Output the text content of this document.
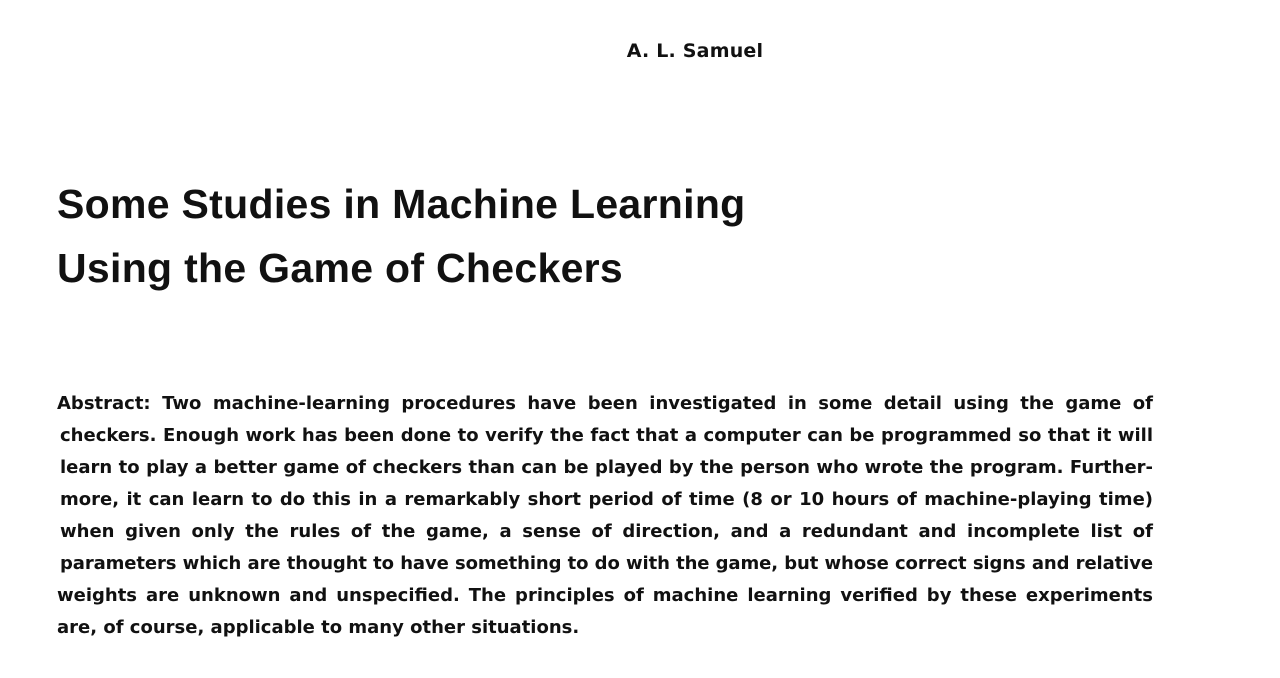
A. L. Samuel
Some Studies in Machine Learning
Using the Game of Checkers
Abstract: Two machine-learning procedures have been investigated in some detail using the game of
checkers. Enough work has been done to verify the fact that a computer can be programmed so that it will
learn to play a better game of checkers than can be played by the person who wrote the program. Further-
more, it can learn to do this in a remarkably short period of time (8 or 10 hours of machine-playing time)
when given only the rules of the game, a sense of direction, and a redundant and incomplete list of
parameters which are thought to have something to do with the game, but whose correct signs and relative
weights are unknown and unspecified. The principles of machine learning verified by these experiments
are, of course, applicable to many other situations.
